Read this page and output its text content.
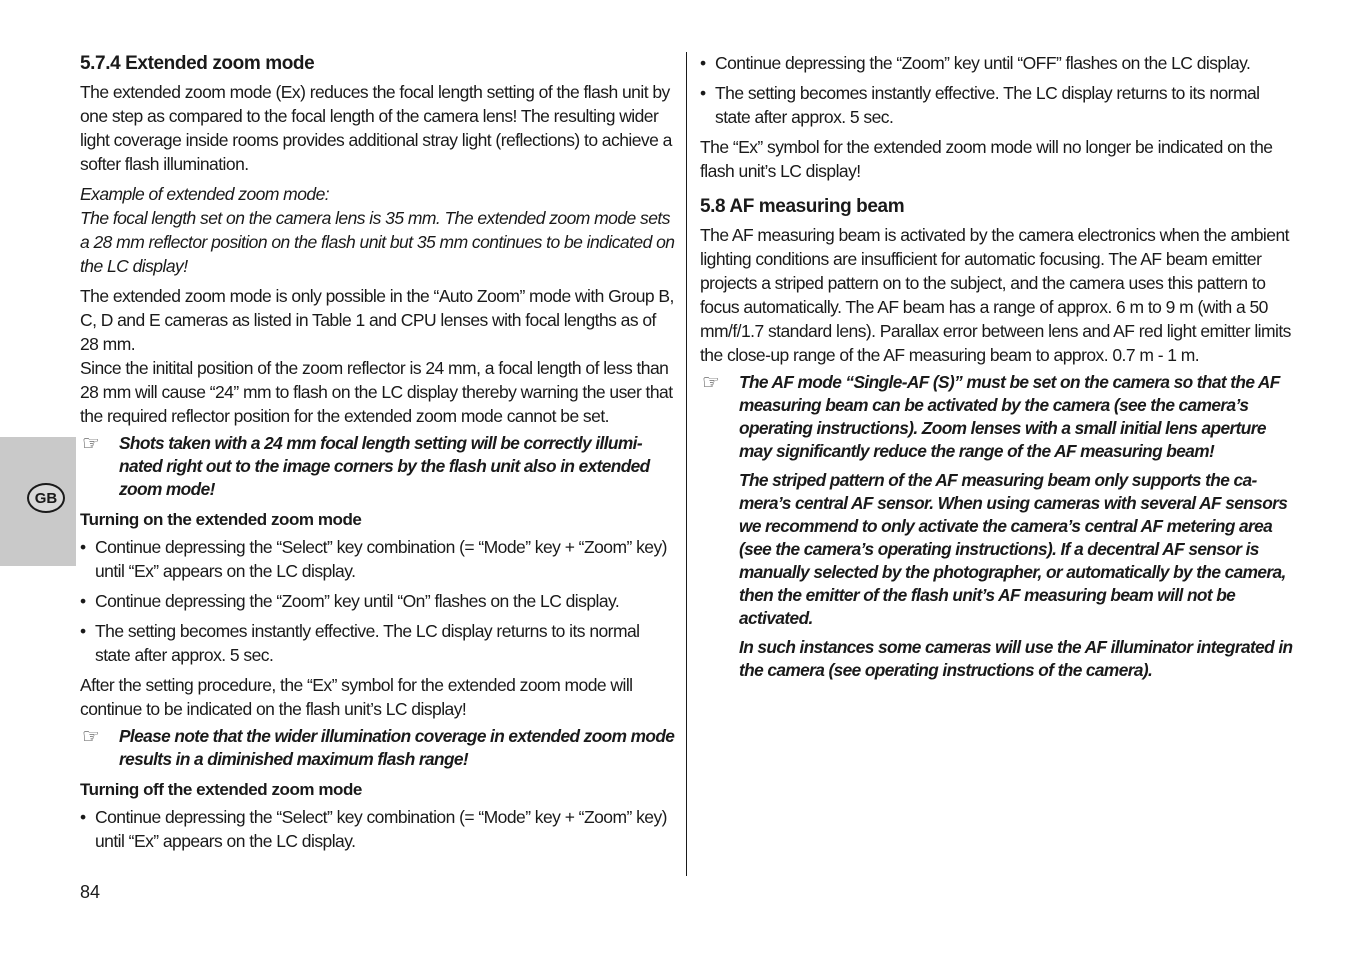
GB
5.7.4 Extended zoom mode

The extended zoom mode (Ex) reduces the focal length setting of the flash unit by one step as compared to the focal length of the camera lens! The resulting wider light coverage inside rooms provides additional stray light (reflections) to achieve a softer flash illumination.

Example of extended zoom mode:

The focal length set on the camera lens is 35 mm. The extended zoom mode sets a 28 mm reflector position on the flash unit but 35 mm continues to be indicated on the LC display!

The extended zoom mode is only possible in the “Auto Zoom” mode with Group B, C, D and E cameras as listed in Table 1 and CPU lenses with focal lengths as of 28 mm.

Since the initital position of the zoom reflector is 24 mm, a focal length of less than 28 mm will cause “24” mm to flash on the LC display thereby warning the user that the required reflector position for the extended zoom mode cannot be set.

☞ Shots taken with a 24 mm focal length setting will be correctly illuminated right out to the image corners by the flash unit also in extended zoom mode!

Turning on the extended zoom mode
• Continue depressing the “Select” key combination (= “Mode” key + “Zoom” key) until “Ex” appears on the LC display.

• Continue depressing the “Zoom” key until “On” flashes on the LC display.

• The setting becomes instantly effective. The LC display returns to its normal state after approx. 5 sec.

After the setting procedure, the “Ex” symbol for the extended zoom mode will continue to be indicated on the flash unit’s LC display!

☞ Please note that the wider illumination coverage in extended zoom mode results in a diminished maximum flash range!

Turning off the extended zoom mode
• Continue depressing the “Select” key combination (= “Mode” key + “Zoom” key) until “Ex” appears on the LC display.

• Continue depressing the “Zoom” key until “OFF” flashes on the LC display.

• The setting becomes instantly effective. The LC display returns to its normal state after approx. 5 sec.

The “Ex” symbol for the extended zoom mode will no longer be indicated on the flash unit’s LC display!

5.8 AF measuring beam

The AF measuring beam is activated by the camera electronics when the ambient lighting conditions are insufficient for automatic focusing. The AF beam emitter projects a striped pattern on to the subject, and the camera uses this pattern to focus automatically. The AF beam has a range of approx. 6 m to 9 m (with a 50 mm/f/1.7 standard lens). Parallax error between lens and AF red light emitter limits the close-up range of the AF measuring beam to approx. 0.7 m - 1 m.

☞ The AF mode “Single-AF (S)” must be set on the camera so that the AF measuring beam can be activated by the camera (see the camera’s operating instructions). Zoom lenses with a small initial lens aperture may significantly reduce the range of the AF measuring beam!

The striped pattern of the AF measuring beam only supports the camera’s central AF sensor. When using cameras with several AF sensors we recommend to only activate the camera’s central AF metering area (see the camera’s operating instructions). If a decentral AF sensor is manually selected by the photographer, or automatically by the camera, then the emitter of the flash unit’s AF measuring beam will not be activated.

In such instances some cameras will use the AF illuminator integrated in the camera (see operating instructions of the camera).

84
